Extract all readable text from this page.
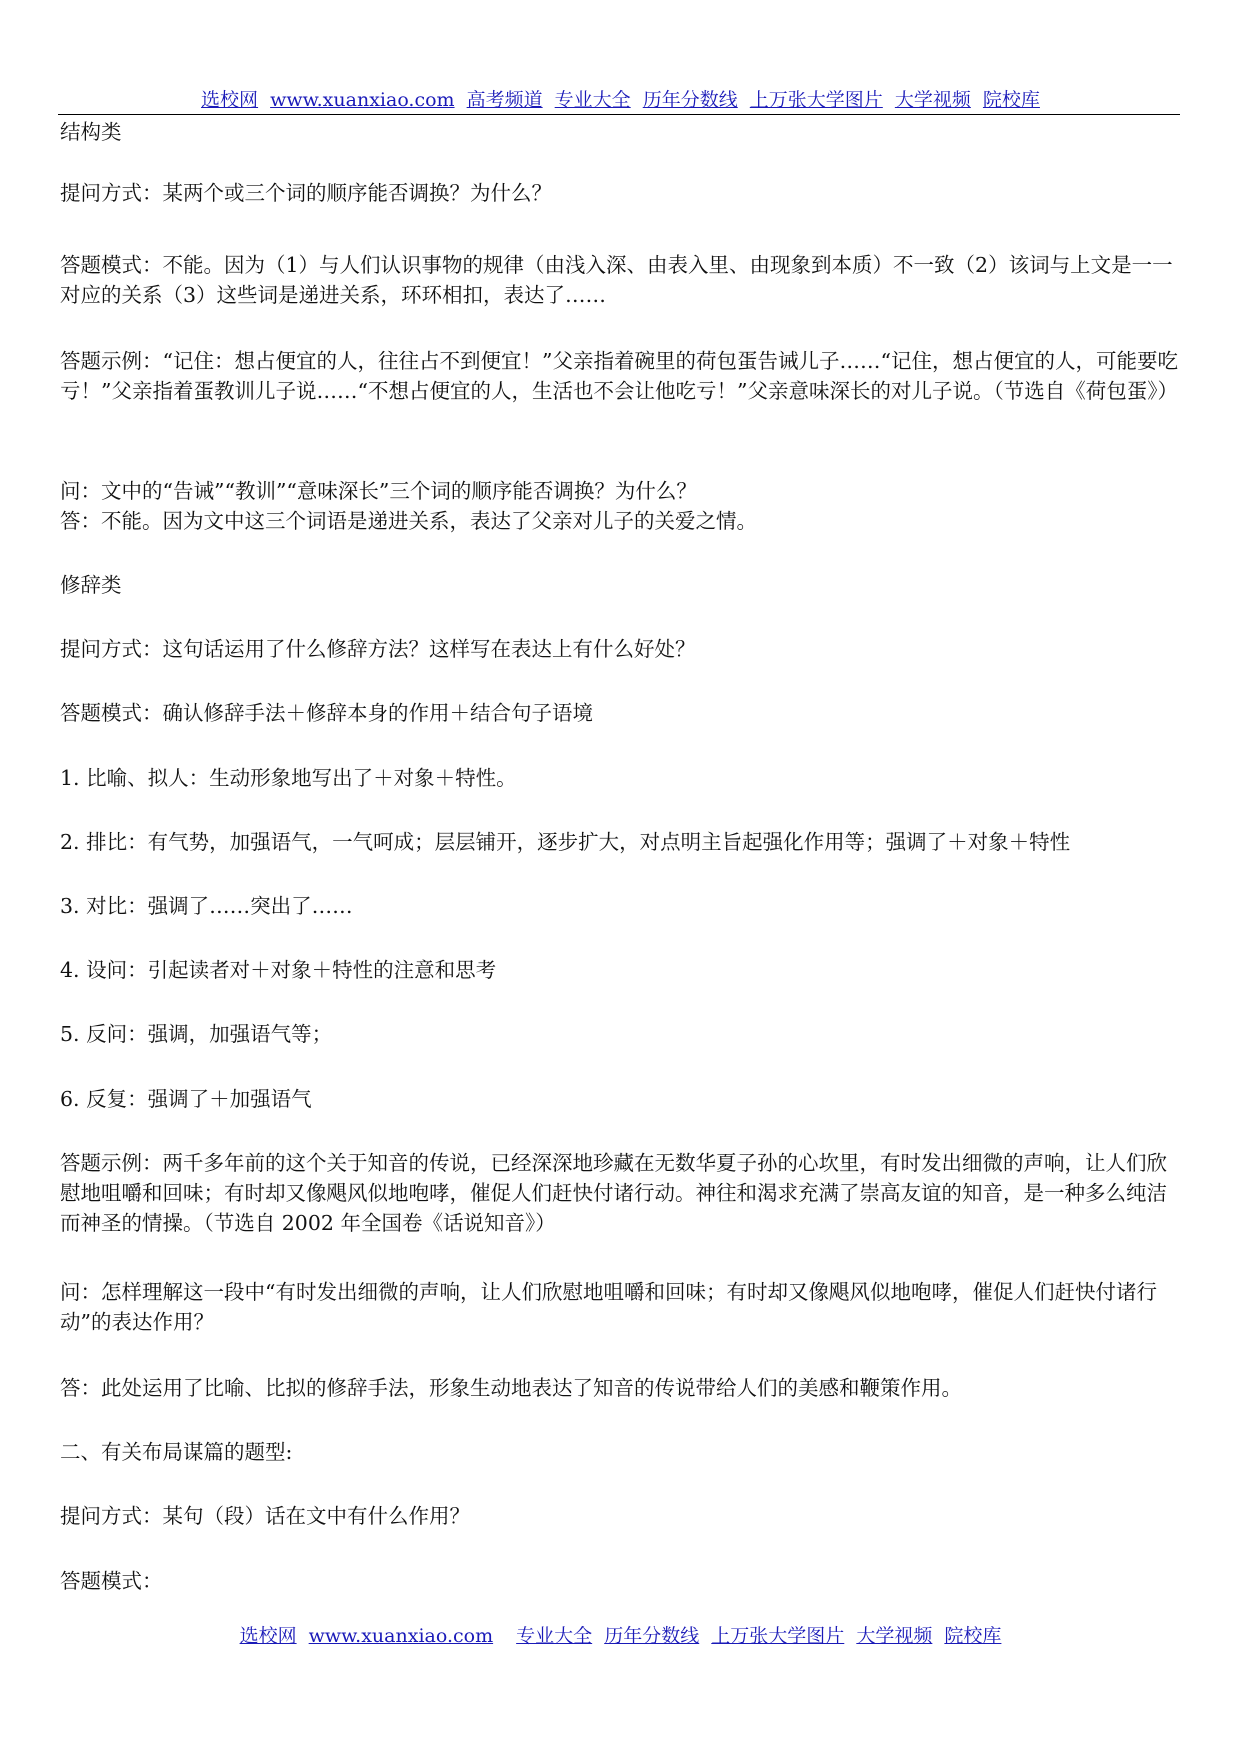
选校网 www.xuanxiao.com 高考频道 专业大全 历年分数线 上万张大学图片 大学视频 院校库

结构类

提问方式：某两个或三个词的顺序能否调换？为什么？

答题模式：不能。因为（1）与人们认识事物的规律（由浅入深、由表入里、由现象到本质）不一致（2）该词与上文是一一对应的关系（3）这些词是递进关系，环环相扣，表达了……

答题示例：“记住：想占便宜的人，往往占不到便宜！”父亲指着碗里的荷包蛋告诫儿子……“记住，想占便宜的人，可能要吃亏！”父亲指着蛋教训儿子说……“不想占便宜的人，生活也不会让他吃亏！”父亲意味深长的对儿子说。（节选自《荷包蛋》）

问：文中的“告诫”“教训”“意味深长”三个词的顺序能否调换？为什么？

答：不能。因为文中这三个词语是递进关系，表达了父亲对儿子的关爱之情。

修辞类

提问方式：这句话运用了什么修辞方法？这样写在表达上有什么好处？

答题模式：确认修辞手法＋修辞本身的作用＋结合句子语境

1. 比喻、拟人：生动形象地写出了＋对象＋特性。

2. 排比：有气势，加强语气，一气呵成；层层铺开，逐步扩大，对点明主旨起强化作用等；强调了＋对象＋特性

3. 对比：强调了……突出了……

4. 设问：引起读者对＋对象＋特性的注意和思考

5. 反问：强调，加强语气等；

6. 反复：强调了＋加强语气

答题示例：两千多年前的这个关于知音的传说，已经深深地珍藏在无数华夏子孙的心坎里，有时发出细微的声响，让人们欣慰地咀嚼和回味；有时却又像飓风似地咆哮，催促人们赶快付诸行动。神往和渴求充满了崇高友谊的知音，是一种多么纯洁而神圣的情操。（节选自 2002 年全国卷《话说知音》）

问：怎样理解这一段中“有时发出细微的声响，让人们欣慰地咀嚼和回味；有时却又像飓风似地咆哮，催促人们赶快付诸行动”的表达作用？

答：此处运用了比喻、比拟的修辞手法，形象生动地表达了知音的传说带给人们的美感和鞭策作用。

二、有关布局谋篇的题型:

提问方式：某句（段）话在文中有什么作用？

答题模式：

选校网 www.xuanxiao.com 专业大全 历年分数线 上万张大学图片 大学视频 院校库
